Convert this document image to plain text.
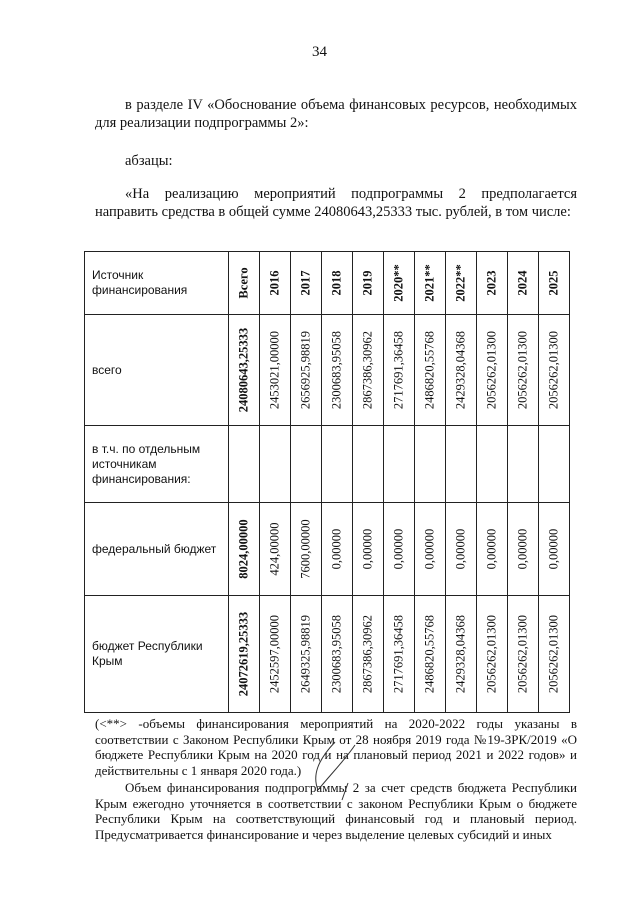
34
в разделе IV «Обоснование объема финансовых ресурсов, необходимых для реализации подпрограммы 2»:
абзацы:
«На реализацию мероприятий подпрограммы 2 предполагается направить средства в общей сумме 24080643,25333 тыс. рублей, в том числе:
Источник финансирования	Всего	2016	2017	2018	2019	2020**	2021**	2022**	2023	2024	2025

всего	24080643,25333	2453021,00000	2656925,98819	2300683,95058	2867386,30962	2717691,36458	2486820,55768	2429328,04368	2056262,01300	2056262,01300	2056262,01300

в т.ч. по отдельным источникам финансирования:											
федеральный бюджет	8024,00000	424,00000	7600,00000	0,00000	0,00000	0,00000	0,00000	0,00000	0,00000	0,00000	0,00000

бюджет Республики Крым	24072619,25333	2452597,00000	2649325,98819	2300683,95058	2867386,30962	2717691,36458	2486820,55768	2429328,04368	2056262,01300	2056262,01300	2056262,01300
(<**> -объемы финансирования мероприятий на 2020-2022 годы указаны в соответствии с Законом Республики Крым от 28 ноября 2019 года №19-ЗРК/2019 «О бюджете Республики Крым на 2020 год и на плановый период 2021 и 2022 годов» и действительны с 1 января 2020 года.)
Объем финансирования подпрограммы 2 за счет средств бюджета Республики Крым ежегодно уточняется в соответствии с законом Республики Крым о бюджете Республики Крым на соответствующий финансовый год и плановый период. Предусматривается финансирование и через выделение целевых субсидий и иных
